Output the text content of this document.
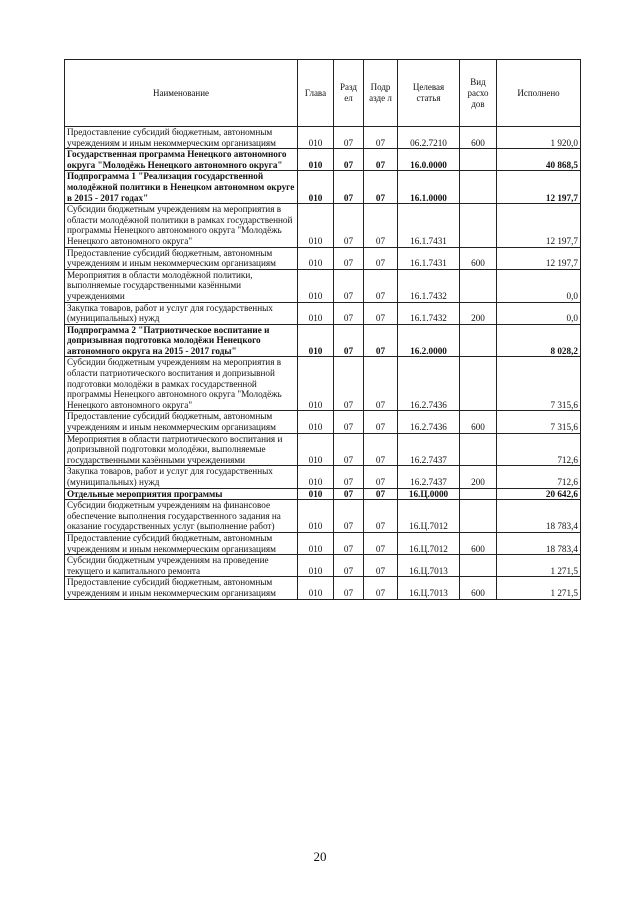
Наименование	Глава	Разд ел	Подр азде л	Целевая статья	Вид расхо дов	Исполнено
Предоставление субсидий бюджетным, автономным учреждениям и иным некоммерческим организациям	010	07	07	06.2.7210	600	1 920,0
Государственная программа Ненецкого автономного округа "Молодёжь Ненецкого автономного округа"	010	07	07	16.0.0000		40 868,5
Подпрограмма 1 "Реализация государственной молодёжной политики в Ненецком автономном округе в 2015 - 2017 годах"	010	07	07	16.1.0000		12 197,7
Субсидии бюджетным учреждениям на мероприятия в области молодёжной политики в рамках государственной программы Ненецкого автономного округа "Молодёжь Ненецкого автономного округа"	010	07	07	16.1.7431		12 197,7
Предоставление субсидий бюджетным, автономным учреждениям и иным некоммерческим организациям	010	07	07	16.1.7431	600	12 197,7
Мероприятия в области молодёжной политики, выполняемые государственными казёнными учреждениями	010	07	07	16.1.7432		0,0
Закупка товаров, работ и услуг для государственных (муниципальных) нужд	010	07	07	16.1.7432	200	0,0
Подпрограмма 2 "Патриотическое воспитание и допризывная подготовка молодёжи Ненецкого автономного округа на 2015 - 2017 годы"	010	07	07	16.2.0000		8 028,2
Субсидии бюджетным учреждениям на мероприятия в области патриотического воспитания и допризывной подготовки молодёжи в рамках государственной программы Ненецкого автономного округа "Молодёжь Ненецкого автономного округа"	010	07	07	16.2.7436		7 315,6
Предоставление субсидий бюджетным, автономным учреждениям и иным некоммерческим организациям	010	07	07	16.2.7436	600	7 315,6
Мероприятия в области патриотического воспитания и допризывной подготовки молодёжи, выполняемые государственными казёнными учреждениями	010	07	07	16.2.7437		712,6
Закупка товаров, работ и услуг для государственных (муниципальных) нужд	010	07	07	16.2.7437	200	712,6
Отдельные мероприятия программы	010	07	07	16.Ц.0000		20 642,6
Субсидии бюджетным учреждениям на финансовое обеспечение выполнения государственного задания на оказание государственных услуг (выполнение работ)	010	07	07	16.Ц.7012		18 783,4
Предоставление субсидий бюджетным, автономным учреждениям и иным некоммерческим организациям	010	07	07	16.Ц.7012	600	18 783,4
Субсидии бюджетным учреждениям на проведение текущего и капитального ремонта	010	07	07	16.Ц.7013		1 271,5
Предоставление субсидий бюджетным, автономным учреждениям и иным некоммерческим организациям	010	07	07	16.Ц.7013	600	1 271,5
20
